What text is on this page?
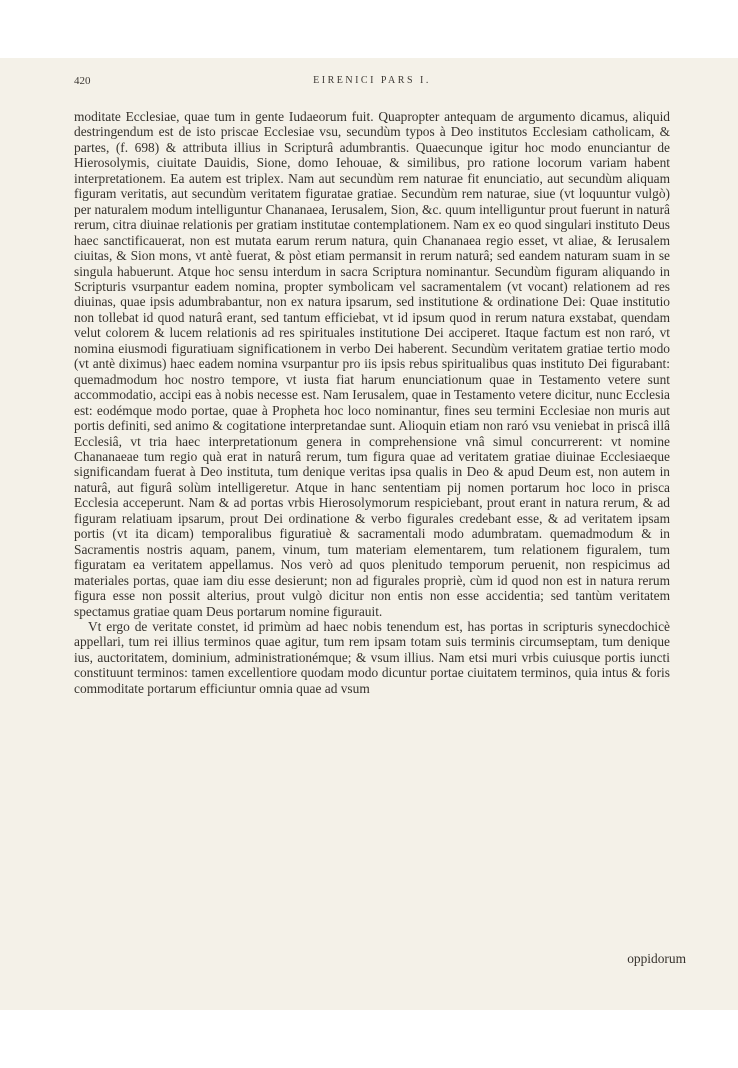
420	EIRENICI PARS I.

moditate Ecclesiae, quae tum in gente Iudaeorum fuit. Quapropter antequam de argumento dicamus, aliquid destringendum est de isto priscae Ecclesiae vsu, secundùm typos à Deo institutos Ecclesiam catholicam, & partes, (f. 698) & attributa illius in Scripturâ adumbrantis. Quaecunque igitur hoc modo enunciantur de Hierosolymis, ciuitate Dauidis, Sione, domo Iehouae, & similibus, pro ratione locorum variam habent interpretationem. Ea autem est triplex. Nam aut secundùm rem naturae fit enunciatio, aut secundùm aliquam figuram veritatis, aut secundùm veritatem figuratae gratiae. Secundùm rem naturae, siue (vt loquuntur vulgò) per naturalem modum intelliguntur Chananaea, Ierusalem, Sion, &c. quum intelliguntur prout fuerunt in naturâ rerum, citra diuinae relationis per gratiam institutae contemplationem. Nam ex eo quod singulari instituto Deus haec sanctificauerat, non est mutata earum rerum natura, quin Chananaea regio esset, vt aliae, & Ierusalem ciuitas, & Sion mons, vt antè fuerat, & pòst etiam permansit in rerum naturâ; sed eandem naturam suam in se singula habuerunt. Atque hoc sensu interdum in sacra Scriptura nominantur. Secundùm figuram aliquando in Scripturis vsurpantur eadem nomina, propter symbolicam vel sacramentalem (vt vocant) relationem ad res diuinas, quae ipsis adumbrabantur, non ex natura ipsarum, sed institutione & ordinatione Dei: Quae institutio non tollebat id quod naturâ erant, sed tantum efficiebat, vt id ipsum quod in rerum natura exstabat, quendam velut colorem & lucem relationis ad res spirituales institutione Dei acciperet. Itaque factum est non raró, vt nomina eiusmodi figuratiuam significationem in verbo Dei haberent. Secundùm veritatem gratiae tertio modo (vt antè diximus) haec eadem nomina vsurpantur pro iis ipsis rebus spiritualibus quas instituto Dei figurabant: quemadmodum hoc nostro tempore, vt iusta fiat harum enunciationum quae in Testamento vetere sunt accommodatio, accipi eas à nobis necesse est. Nam Ierusalem, quae in Testamento vetere dicitur, nunc Ecclesia est: eodémque modo portae, quae à Propheta hoc loco nominantur, fines seu termini Ecclesiae non muris aut portis definiti, sed animo & cogitatione interpretandae sunt. Alioquin etiam non raró vsu veniebat in priscâ illâ Ecclesiâ, vt tria haec interpretationum genera in comprehensione vnâ simul concurrerent: vt nomine Chananaeae tum regio quà erat in naturâ rerum, tum figura quae ad veritatem gratiae diuinae Ecclesiaeque significandam fuerat à Deo instituta, tum denique veritas ipsa qualis in Deo & apud Deum est, non autem in naturâ, aut figurâ solùm intelligeretur. Atque in hanc sententiam pij nomen portarum hoc loco in prisca Ecclesia acceperunt. Nam & ad portas vrbis Hierosolymorum respiciebant, prout erant in natura rerum, & ad figuram relatiuam ipsarum, prout Dei ordinatione & verbo figurales credebant esse, & ad veritatem ipsam portis (vt ita dicam) temporalibus figuratiuè & sacramentali modo adumbratam. quemadmodum & in Sacramentis nostris aquam, panem, vinum, tum materiam elementarem, tum relationem figuralem, tum figuratam ea veritatem appellamus. Nos verò ad quos plenitudo temporum peruenit, non respicimus ad materiales portas, quae iam diu esse desierunt; non ad figurales propriè, cùm id quod non est in natura rerum figura esse non possit alterius, prout vulgò dicitur non entis non esse accidentia; sed tantùm veritatem spectamus gratiae quam Deus portarum nomine figurauit.

Vt ergo de veritate constet, id primùm ad haec nobis tenendum est, has portas in scripturis synecdochicè appellari, tum rei illius terminos quae agitur, tum rem ipsam totam suis terminis circumseptam, tum denique ius, auctoritatem, dominium, administrationémque; & vsum illius. Nam etsi muri vrbis cuiusque portis iuncti constituunt terminos: tamen excellentiore quodam modo dicuntur portae ciuitatem terminos, quia intus & foris commoditate portarum efficiuntur omnia quae ad vsum

oppidorum
